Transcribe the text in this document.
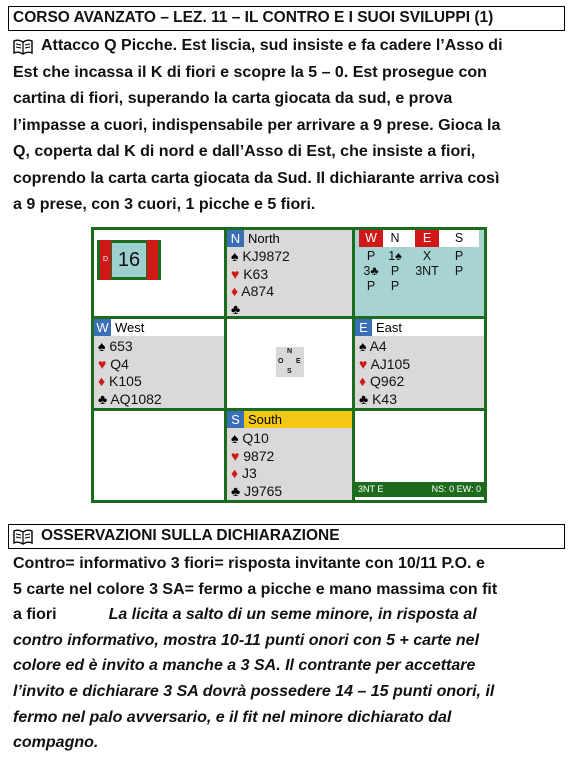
CORSO AVANZATO – LEZ. 11 – IL CONTRO E I SUOI SVILUPPI (1)
Attacco Q Picche. Est liscia, sud insiste e fa cadere l’Asso di
Est che incassa il K di fiori e scopre la 5 – 0. Est prosegue con
cartina di fiori, superando la carta giocata da sud, e prova
l’impasse a cuori, indispensabile per arrivare a 9 prese. Gioca la
Q, coperta dal K di nord e dall’Asso di Est, che insiste a fiori,
coprendo la carta carta giocata da Sud. Il dichiarante arriva così
a 9 prese, con 3 cuori, 1 picche e 5 fiori.
D 16
N North
♠ KJ9872
♥ K63
♦ A874
♣
W N E S
P 1♠ X P
3♣ P 3NT P
P P
W West
♠ 653
♥ Q4
♦ K105
♣ AQ1082
N
O E
S
E East
♠ A4
♥ AJ105
♦ Q962
♣ K43
S South
♠ Q10
♥ 9872
♦ J3
♣ J9765	3NT E	NS: 0 EW: 0
OSSERVAZIONI SULLA DICHIARAZIONE
Contro= informativo 3 fiori= risposta invitante con 10/11 P.O. e
5 carte nel colore 3 SA= fermo a picche e mano massima con fit
a fiori	La licita a salto di un seme minore, in risposta al
contro informativo, mostra 10-11 punti onori con 5 + carte nel
colore ed è invito a manche a 3 SA. Il contrante per accettare
l’invito e dichiarare 3 SA dovrà possedere 14 – 15 punti onori, il
fermo nel palo avversario, e il fit nel minore dichiarato dal
compagno.
